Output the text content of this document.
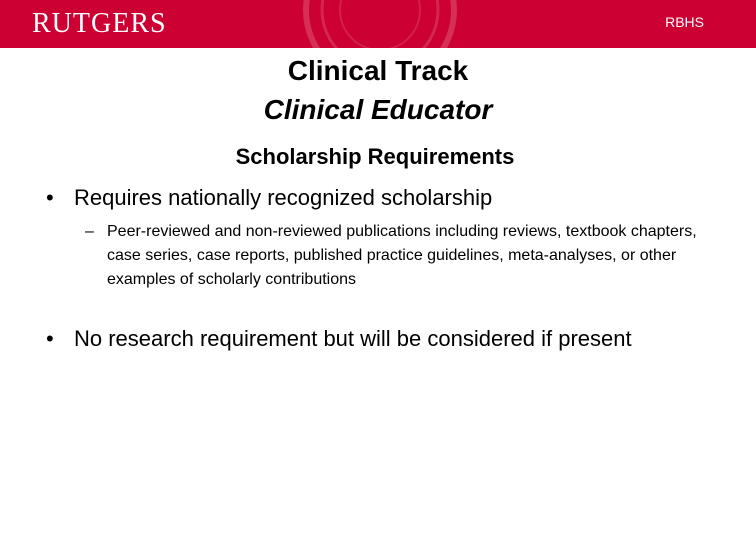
RUTGERS	RBHS

Clinical Track
Clinical Educator
Scholarship Requirements

• Requires nationally recognized scholarship

– Peer-reviewed and non-reviewed publications including reviews, textbook chapters, case series, case reports, published practice guidelines, meta-analyses, or other examples of scholarly contributions

• No research requirement but will be considered if present
